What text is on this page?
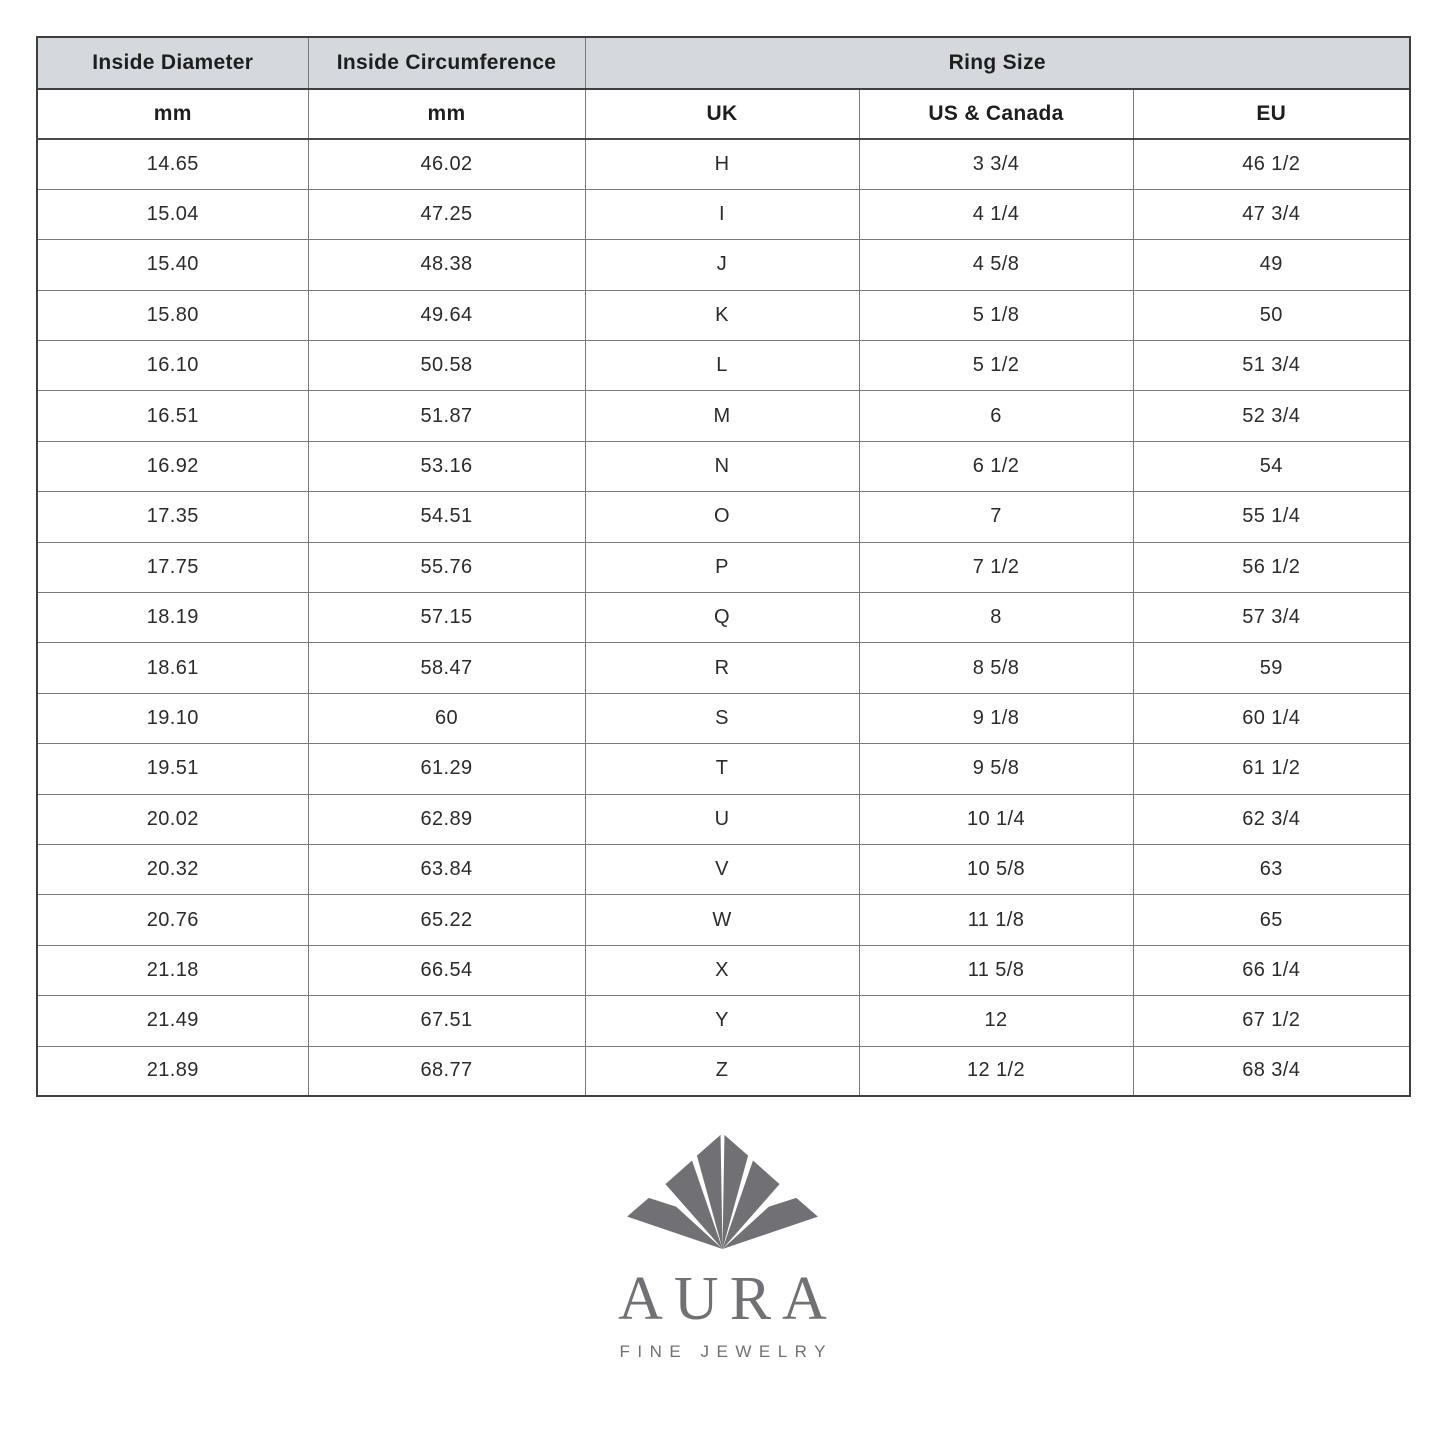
Inside Diameter	Inside Circumference	Ring Size		
mm	mm	UK	US & Canada	EU
14.65	46.02	H	3 3/4	46 1/2
15.04	47.25	I	4 1/4	47 3/4
15.40	48.38	J	4 5/8	49
15.80	49.64	K	5 1/8	50
16.10	50.58	L	5 1/2	51 3/4
16.51	51.87	M	6	52 3/4
16.92	53.16	N	6 1/2	54
17.35	54.51	O	7	55 1/4
17.75	55.76	P	7 1/2	56 1/2
18.19	57.15	Q	8	57 3/4
18.61	58.47	R	8 5/8	59
19.10	60	S	9 1/8	60 1/4
19.51	61.29	T	9 5/8	61 1/2
20.02	62.89	U	10 1/4	62 3/4
20.32	63.84	V	10 5/8	63
20.76	65.22	W	11 1/8	65
21.18	66.54	X	11 5/8	66 1/4
21.49	67.51	Y	12	67 1/2
21.89	68.77	Z	12 1/2	68 3/4
AURA
FINE JEWELRY
